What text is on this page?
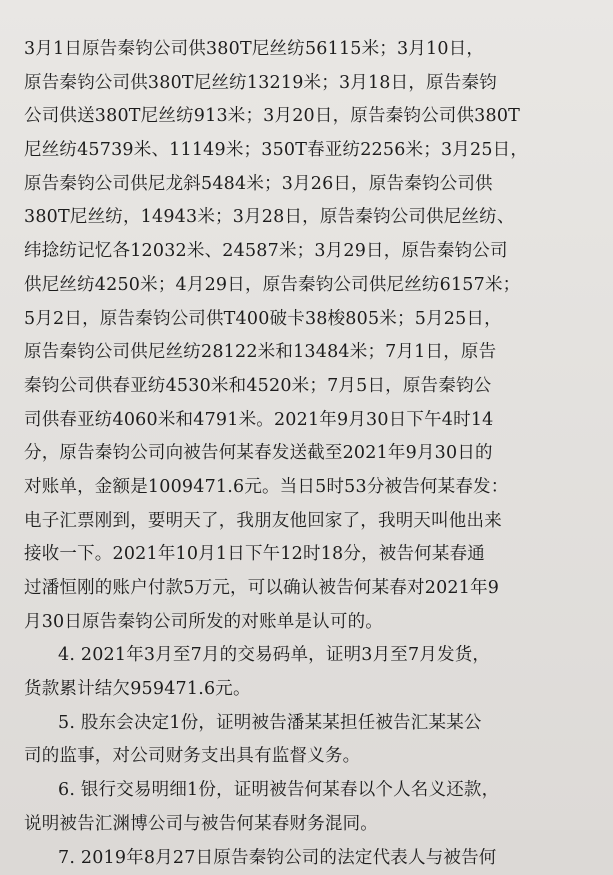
3月1日原告秦钧公司供380T尼丝纺56115米；3月10日，
原告秦钧公司供380T尼丝纺13219米；3月18日，原告秦钧
公司供送380T尼丝纺913米；3月20日，原告秦钧公司供380T
尼丝纺45739米、11149米；350T春亚纺2256米；3月25日，
原告秦钧公司供尼龙斜5484米；3月26日，原告秦钧公司供
380T尼丝纺，14943米；3月28日，原告秦钧公司供尼丝纺、
纬捻纺记忆各12032米、24587米；3月29日，原告秦钧公司
供尼丝纺4250米；4月29日，原告秦钧公司供尼丝纺6157米；
5月2日，原告秦钧公司供T400破卡38梭805米；5月25日，
原告秦钧公司供尼丝纺28122米和13484米；7月1日，原告
秦钧公司供春亚纺4530米和4520米；7月5日，原告秦钧公
司供春亚纺4060米和4791米。2021年9月30日下午4时14
分，原告秦钧公司向被告何某春发送截至2021年9月30日的
对账单，金额是1009471.6元。当日5时53分被告何某春发：
电子汇票刚到，要明天了，我朋友他回家了，我明天叫他出来
接收一下。2021年10月1日下午12时18分，被告何某春通
过潘恒刚的账户付款5万元，可以确认被告何某春对2021年9
月30日原告秦钧公司所发的对账单是认可的。
4. 2021年3月至7月的交易码单，证明3月至7月发货，
货款累计结欠959471.6元。
5. 股东会决定1份，证明被告潘某某担任被告汇某某公
司的监事，对公司财务支出具有监督义务。
6. 银行交易明细1份，证明被告何某春以个人名义还款，
说明被告汇渊博公司与被告何某春财务混同。
7. 2019年8月27日原告秦钧公司的法定代表人与被告何
